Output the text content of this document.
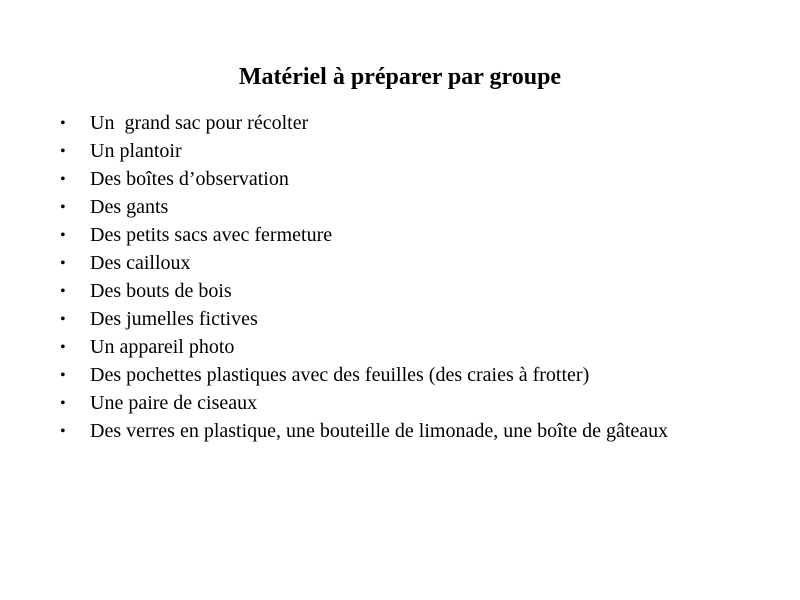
Matériel à préparer par groupe
• Un  grand sac pour récolter
• Un plantoir
• Des boîtes d’observation
• Des gants
• Des petits sacs avec fermeture
• Des cailloux
• Des bouts de bois
• Des jumelles fictives
• Un appareil photo
• Des pochettes plastiques avec des feuilles (des craies à frotter)
• Une paire de ciseaux
• Des verres en plastique, une bouteille de limonade, une boîte de gâteaux
